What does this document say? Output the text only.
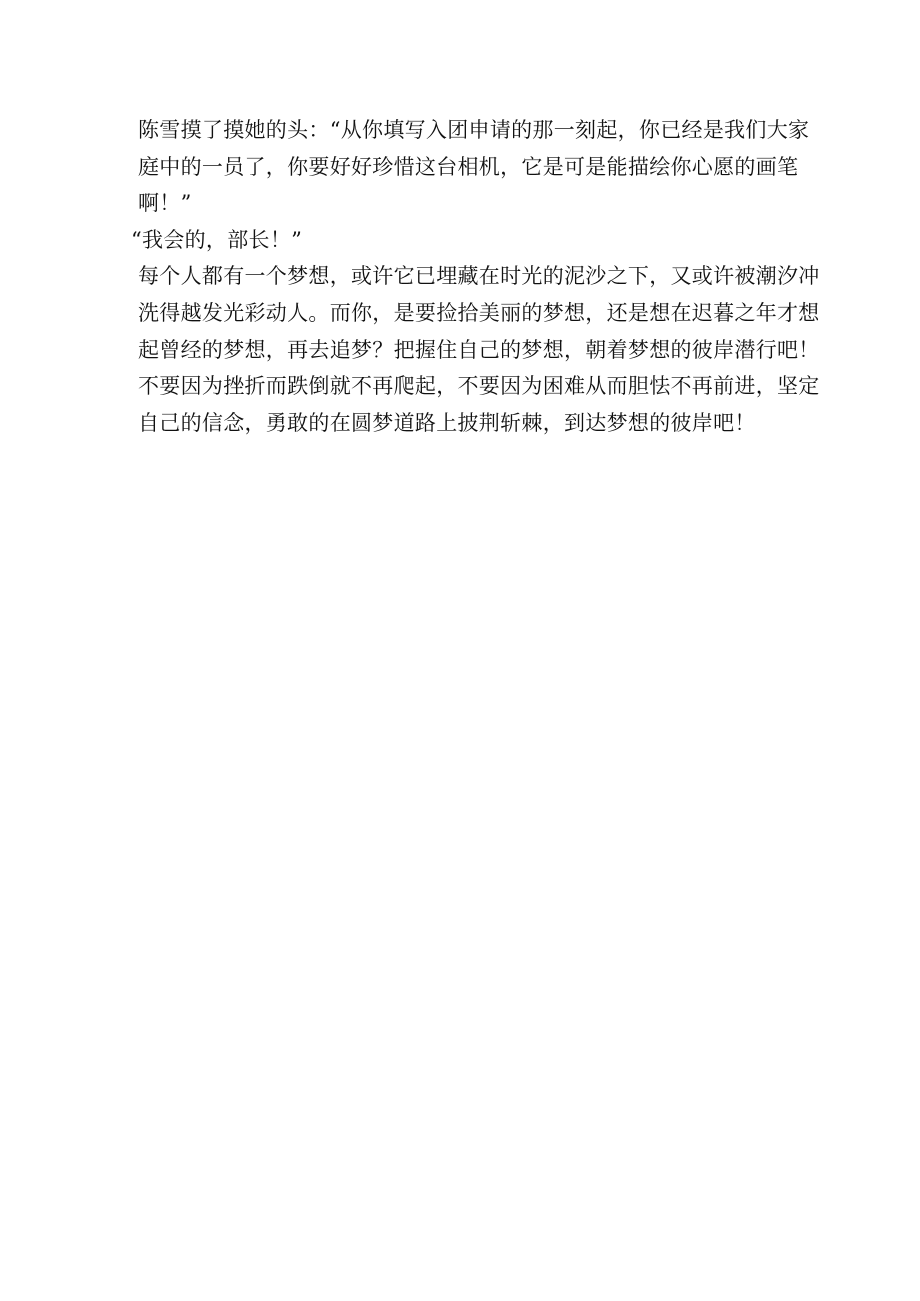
陈雪摸了摸她的头：“从你填写入团申请的那一刻起，你已经是我们大家
庭中的一员了，你要好好珍惜这台相机，它是可是能描绘你心愿的画笔
啊！”
“我会的，部长！”
每个人都有一个梦想，或许它已埋藏在时光的泥沙之下，又或许被潮汐冲
洗得越发光彩动人。而你，是要捡拾美丽的梦想，还是想在迟暮之年才想
起曾经的梦想，再去追梦？把握住自己的梦想，朝着梦想的彼岸潜行吧！
不要因为挫折而跌倒就不再爬起，不要因为困难从而胆怯不再前进，坚定
自己的信念，勇敢的在圆梦道路上披荆斩棘，到达梦想的彼岸吧！
